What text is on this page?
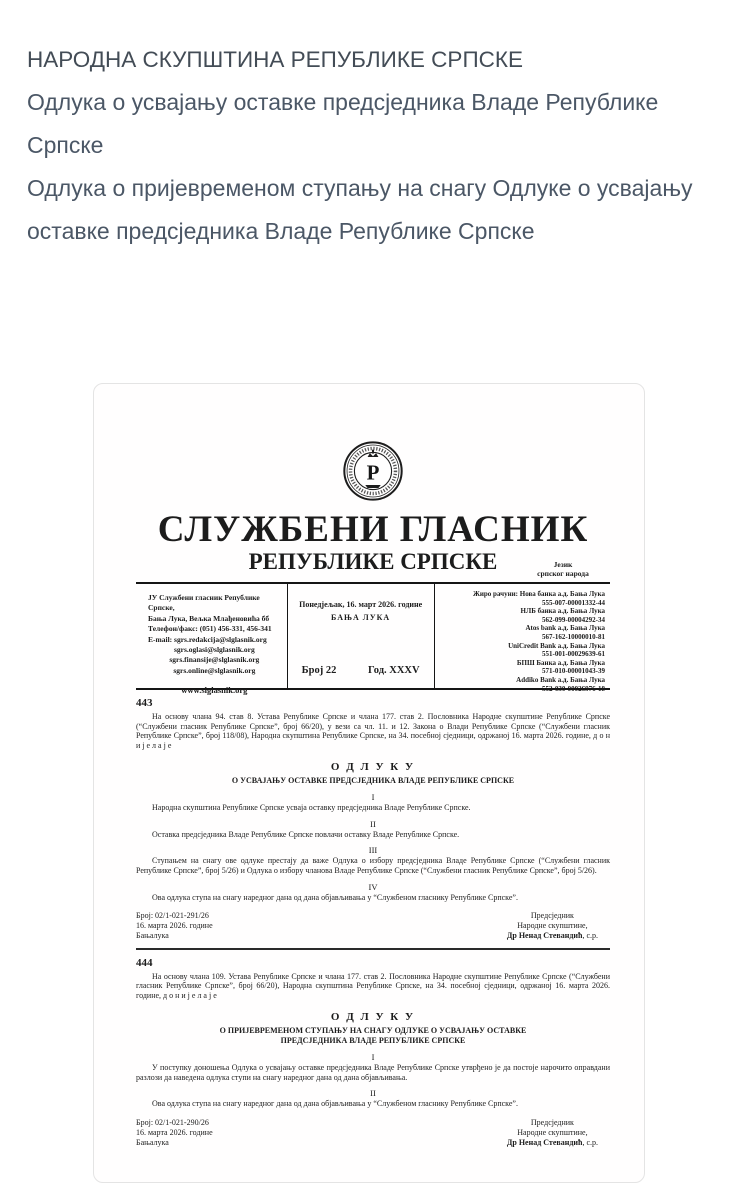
НАРОДНА СКУПШТИНА РЕПУБЛИКЕ СРПСКЕ
Одлука о усвајању оставке предсједника Владе Републике Српске
Одлука о пријевременом ступању на снагу Одлуке о усвајању оставке предсједника Владе Републике Српске
Р
СЛУЖБЕНИ ГЛАСНИК
РЕПУБЛИКЕ СРПСКЕ	Језик
српског народа
ЈУ Службени гласник Републике Српске,
Бања Лука, Вељка Млађеновића бб
Телефон/факс: (051) 456-331, 456-341
E-mail: sgrs.redakcija@slglasnik.org
sgrs.oglasi@slglasnik.org
sgrs.finansije@slglasnik.org
sgrs.online@slglasnik.org
www.slglasnik.org
Понедјељак, 16. март 2026. године
БАЊА ЛУКА
Број 22	Год. XXXV
Жиро рачуни: Нова банка а.д. Бања Лука
555-007-00001332-44
НЛБ банка а.д. Бања Лука
562-099-00004292-34
Atos bank а.д. Бања Лука
567-162-10000010-81
UniCredit Bank а.д. Бања Лука
551-001-00029639-61
БПШ Банка а.д. Бања Лука
571-010-00001043-39
Addiko Bank а.д. Бања Лука
552-030-00026976-18
443
На основу члана 94. став 8. Устава Републике Српске и члана 177. став 2. Пословника Народне скупштине Републике Српске (“Службени гласник Републике Српске”, број 66/20), у вези са чл. 11. и 12. Закона о Влади Републике Српске (“Службени гласник Републике Српске”, број 118/08), Народна скупштина Републике Српске, на 34. посебној сједници, одржаној 16. марта 2026. године, д о н и ј е л а ј е
О Д Л У К У
О УСВАЈАЊУ ОСТАВКЕ ПРЕДСЈЕДНИКА ВЛАДЕ РЕПУБЛИКЕ СРПСКЕ
I
Народна скупштина Републике Српске усваја оставку предсједника Владе Републике Српске.
II
Оставка предсједника Владе Републике Српске повлачи оставку Владе Републике Српске.
III
Ступањем на снагу ове одлуке престају да важе Одлука о избору предсједника Владе Републике Српске (“Службени гласник Републике Српске”, број 5/26) и Одлука о избору чланова Владе Републике Српске (“Службени гласник Републике Српске”, број 5/26).
IV
Ова одлука ступа на снагу наредног дана од дана објављивања у “Службеном гласнику Републике Српске”.
Број: 02/1-021-291/26
16. марта 2026. године
Бањалука
Предсједник
Народне скупштине,
Др Ненад Стевандић, с.р.
444
На основу члана 109. Устава Републике Српске и члана 177. став 2. Пословника Народне скупштине Републике Српске (“Службени гласник Републике Српске”, број 66/20), Народна скупштина Републике Српске, на 34. посебној сједници, одржаној 16. марта 2026. године, д о н и ј е л а ј е
О Д Л У К У
О ПРИЈЕВРЕМЕНОМ СТУПАЊУ НА СНАГУ ОДЛУКЕ О УСВАЈАЊУ ОСТАВКЕ ПРЕДСЈЕДНИКА ВЛАДЕ РЕПУБЛИКЕ СРПСКЕ
I
У поступку доношења Одлука о усвајању оставке предсједника Владе Републике Српске утврђено је да постоје нарочито оправдани разлози да наведена одлука ступи на снагу наредног дана од дана објављивања.
II
Ова одлука ступа на снагу наредног дана од дана објављивања у “Службеном гласнику Републике Српске”.
Број: 02/1-021-290/26
16. марта 2026. године
Бањалука
Предсједник
Народне скупштине,
Др Ненад Стевандић, с.р.
